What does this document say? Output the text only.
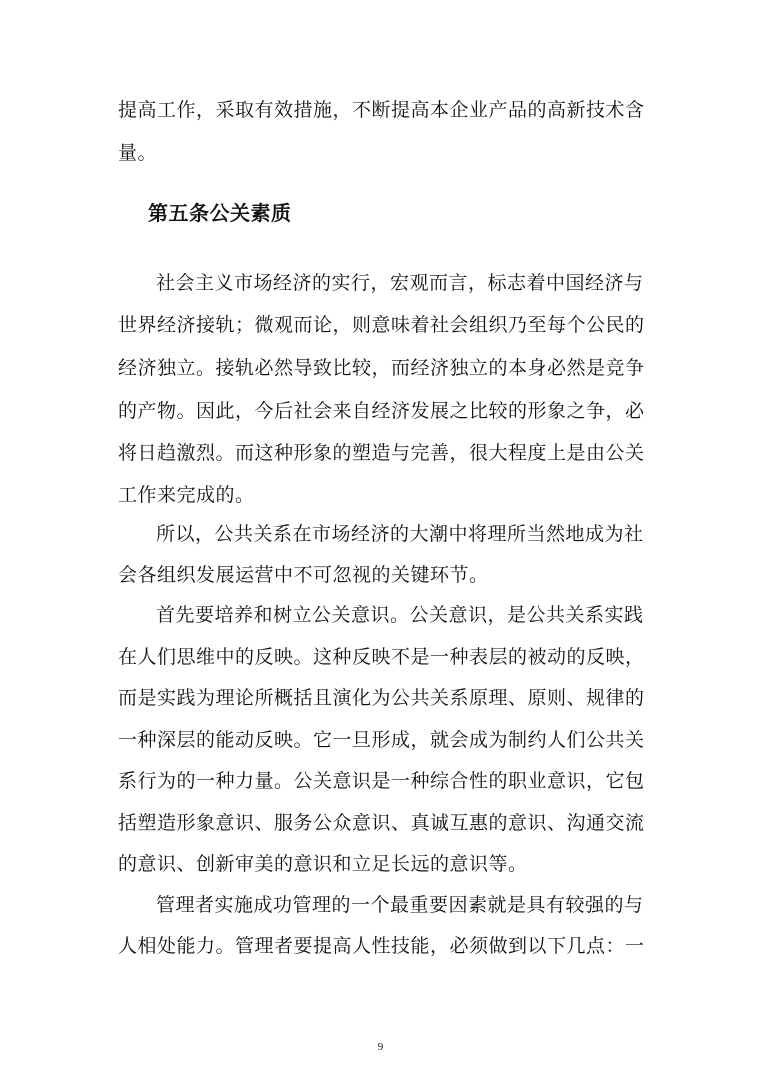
提高工作，采取有效措施，不断提高本企业产品的高新技术含
量。
第五条公关素质
社会主义市场经济的实行，宏观而言，标志着中国经济与
世界经济接轨；微观而论，则意味着社会组织乃至每个公民的
经济独立。接轨必然导致比较，而经济独立的本身必然是竞争
的产物。因此，今后社会来自经济发展之比较的形象之争，必
将日趋激烈。而这种形象的塑造与完善，很大程度上是由公关
工作来完成的。
所以，公共关系在市场经济的大潮中将理所当然地成为社
会各组织发展运营中不可忽视的关键环节。
首先要培养和树立公关意识。公关意识，是公共关系实践
在人们思维中的反映。这种反映不是一种表层的被动的反映，
而是实践为理论所概括且演化为公共关系原理、原则、规律的
一种深层的能动反映。它一旦形成，就会成为制约人们公共关
系行为的一种力量。公关意识是一种综合性的职业意识，它包
括塑造形象意识、服务公众意识、真诚互惠的意识、沟通交流
的意识、创新审美的意识和立足长远的意识等。
管理者实施成功管理的一个最重要因素就是具有较强的与
人相处能力。管理者要提高人性技能，必须做到以下几点：一
9
